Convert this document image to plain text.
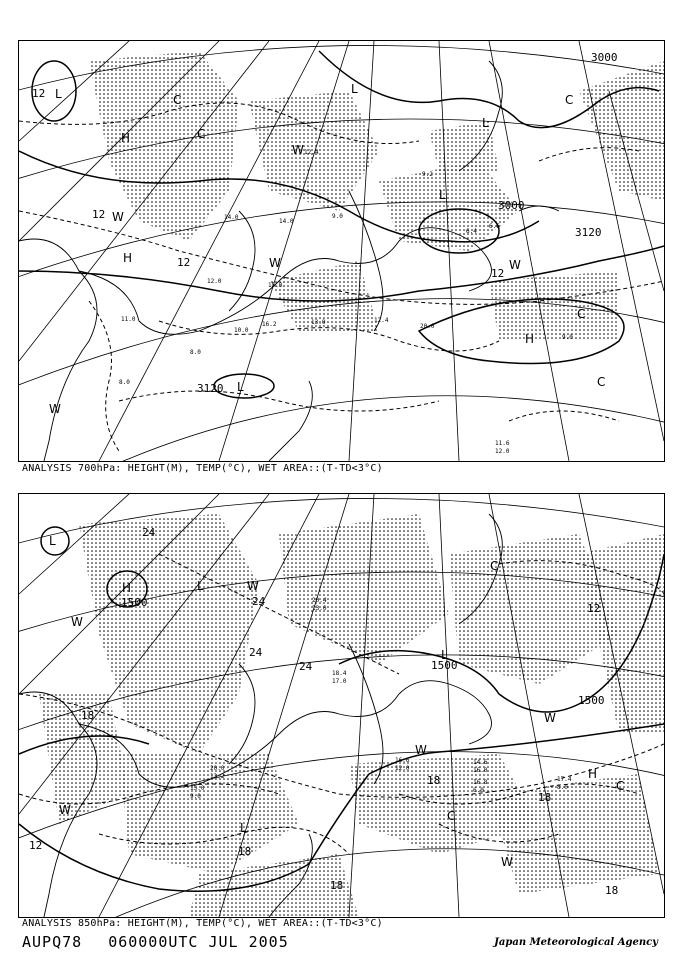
3000
3000
3120
3120
12
12
12
12
L	L
L
L
L
H
H
H
W
W
W
W
W
C
C
C
C
C
12.4
14.0
9.2
6.4
11.0
12.0
15.0
8.0
12.4
13.0
9.0
20.0
16.2
6.6
14.0
10.0
8.0
9.0
11.6
12.0
ANALYSIS 700hPa: HEIGHT(M), TEMP(°C), WET AREA::(T-TD<3°C)
1500
1500
1500
24
24
24
24
18
18
18
18
18	18
12
12
L
L
L
L
H
H
W
W
W
W
W
W
C
C
C
17.4
8.0
20.4
13.0
14.6
16.0
18.4
17.0
20.0
13.2
16.6
12.0
15.0
9.0
16.8
6.0
ANALYSIS 850hPa: HEIGHT(M), TEMP(°C), WET AREA::(T-TD<3°C)
AUPQ78 060000UTC JUL 2005	Japan Meteorological Agency
